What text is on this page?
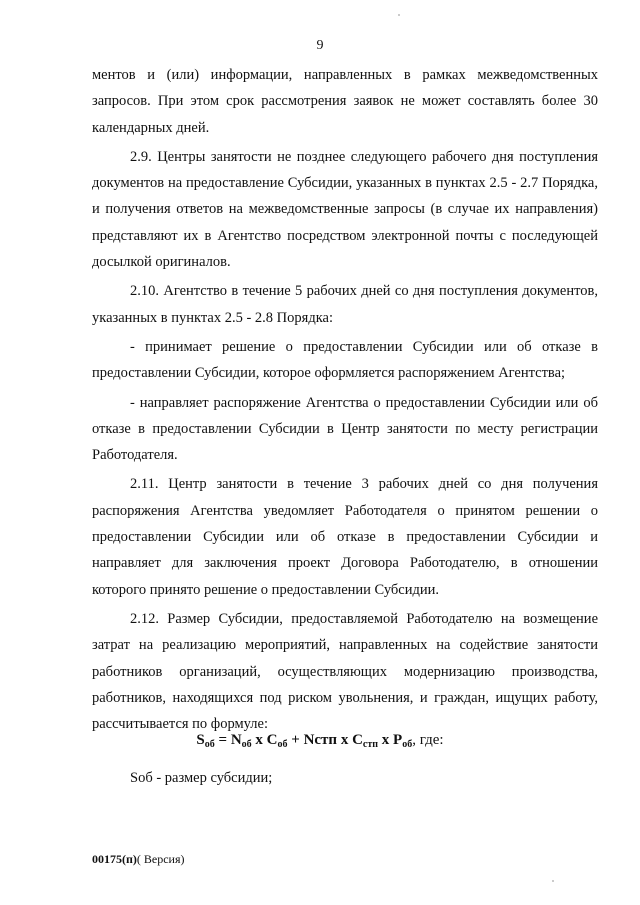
9

ментов и (или) информации, направленных в рамках межведомственных запросов. При этом срок рассмотрения заявок не может составлять более 30 календарных дней.

2.9. Центры занятости не позднее следующего рабочего дня поступления документов на предоставление Субсидии, указанных в пунктах 2.5 - 2.7 Порядка, и получения ответов на межведомственные запросы (в случае их направления) представляют их в Агентство посредством электронной почты с последующей досылкой оригиналов.

2.10. Агентство в течение 5 рабочих дней со дня поступления документов, указанных в пунктах 2.5 - 2.8 Порядка:

- принимает решение о предоставлении Субсидии или об отказе в предоставлении Субсидии, которое оформляется распоряжением Агентства;

- направляет распоряжение Агентства о предоставлении Субсидии или об отказе в предоставлении Субсидии в Центр занятости по месту регистрации Работодателя.

2.11. Центр занятости в течение 3 рабочих дней со дня получения распоряжения Агентства уведомляет Работодателя о принятом решении о предоставлении Субсидии или об отказе в предоставлении Субсидии и направляет для заключения проект Договора Работодателю, в отношении которого принято решение о предоставлении Субсидии.

2.12. Размер Субсидии, предоставляемой Работодателю на возмещение затрат на реализацию мероприятий, направленных на содействие занятости работников организаций, осуществляющих модернизацию производства, работников, находящихся под риском увольнения, и граждан, ищущих работу, рассчитывается по формуле:

$S_{об} = N_{об}$ x $C_{об}$ + Nстп x $C_{стп}$ x $P_{об}$, где:
Sоб - размер субсидии;
00175(п)( Версия)
